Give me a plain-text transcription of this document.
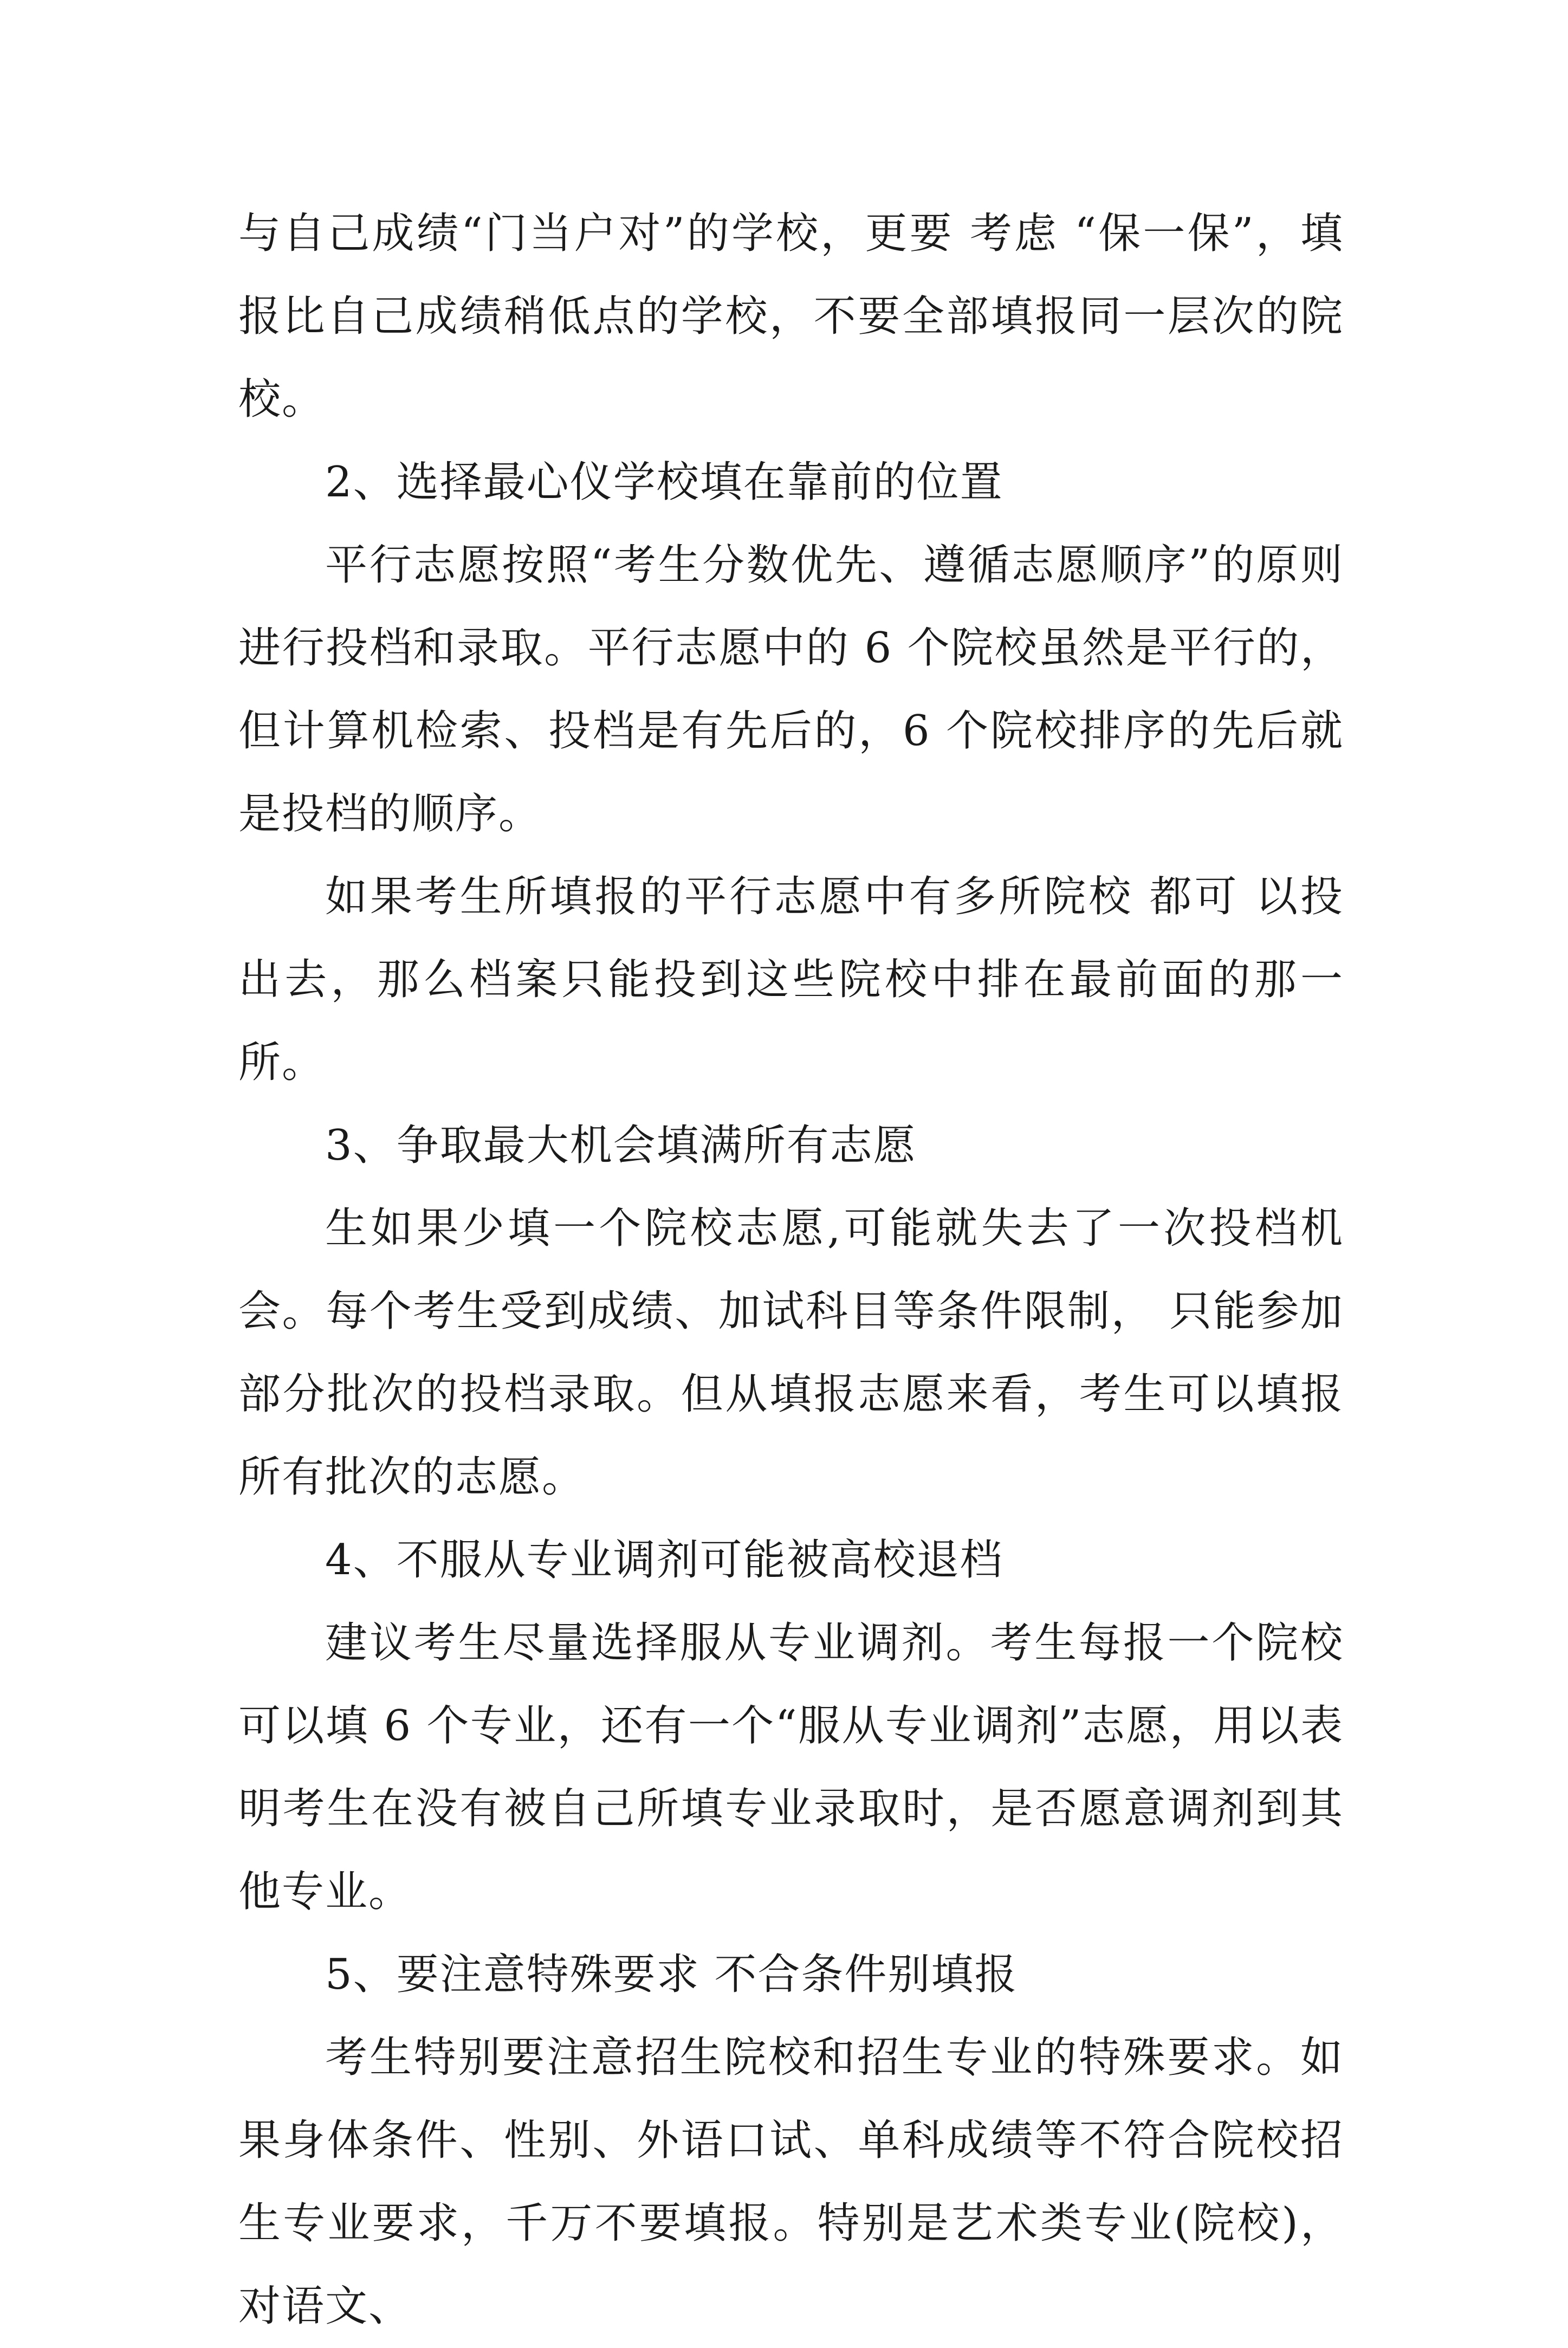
与自己成绩“门当户对”的学校，更要 考虑 “保一保”，填报比自己成绩稍低点的学校，不要全部填报同一层次的院校。

2、选择最心仪学校填在靠前的位置

平行志愿按照“考生分数优先、遵循志愿顺序”的原则进行投档和录取。平行志愿中的 6 个院校虽然是平行的，但计算机检索、投档是有先后的，6 个院校排序的先后就是投档的顺序。

如果考生所填报的平行志愿中有多所院校 都可 以投出去，那么档案只能投到这些院校中排在最前面的那一所。

3、争取最大机会填满所有志愿

生如果少填一个院校志愿,可能就失去了一次投档机会。每个考生受到成绩、加试科目等条件限制， 只能参加部分批次的投档录取。但从填报志愿来看，考生可以填报所有批次的志愿。

4、不服从专业调剂可能被高校退档

建议考生尽量选择服从专业调剂。考生每报一个院校可以填 6 个专业，还有一个“服从专业调剂”志愿，用以表明考生在没有被自己所填专业录取时，是否愿意调剂到其他专业。

5、要注意特殊要求 不合条件别填报

考生特别要注意招生院校和招生专业的特殊要求。如果身体条件、性别、外语口试、单科成绩等不符合院校招生专业要求，千万不要填报。特别是艺术类专业(院校)，对语文、
